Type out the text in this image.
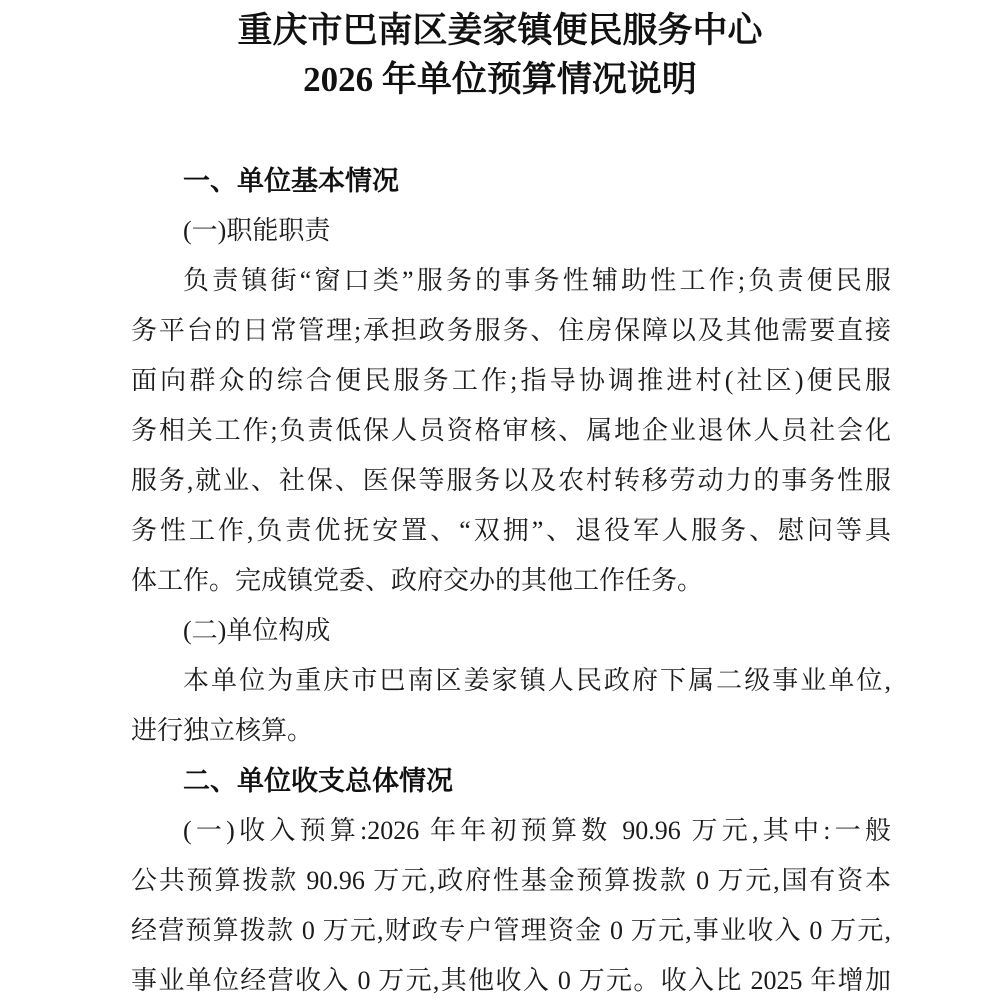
重庆市巴南区姜家镇便民服务中心
2026 年单位预算情况说明
一、单位基本情况
(一)职能职责
负责镇街“窗口类”服务的事务性辅助性工作;负责便民服
务平台的日常管理;承担政务服务、住房保障以及其他需要直接
面向群众的综合便民服务工作;指导协调推进村(社区)便民服
务相关工作;负责低保人员资格审核、属地企业退休人员社会化
服务,就业、社保、医保等服务以及农村转移劳动力的事务性服
务性工作,负责优抚安置、“双拥”、退役军人服务、慰问等具
体工作。完成镇党委、政府交办的其他工作任务。
(二)单位构成
本单位为重庆市巴南区姜家镇人民政府下属二级事业单位,
进行独立核算。
二、单位收支总体情况
(一)收入预算:2026 年年初预算数 90.96 万元,其中:一般
公共预算拨款 90.96 万元,政府性基金预算拨款 0 万元,国有资本
经营预算拨款 0 万元,财政专户管理资金 0 万元,事业收入 0 万元,
事业单位经营收入 0 万元,其他收入 0 万元。收入比 2025 年增加
